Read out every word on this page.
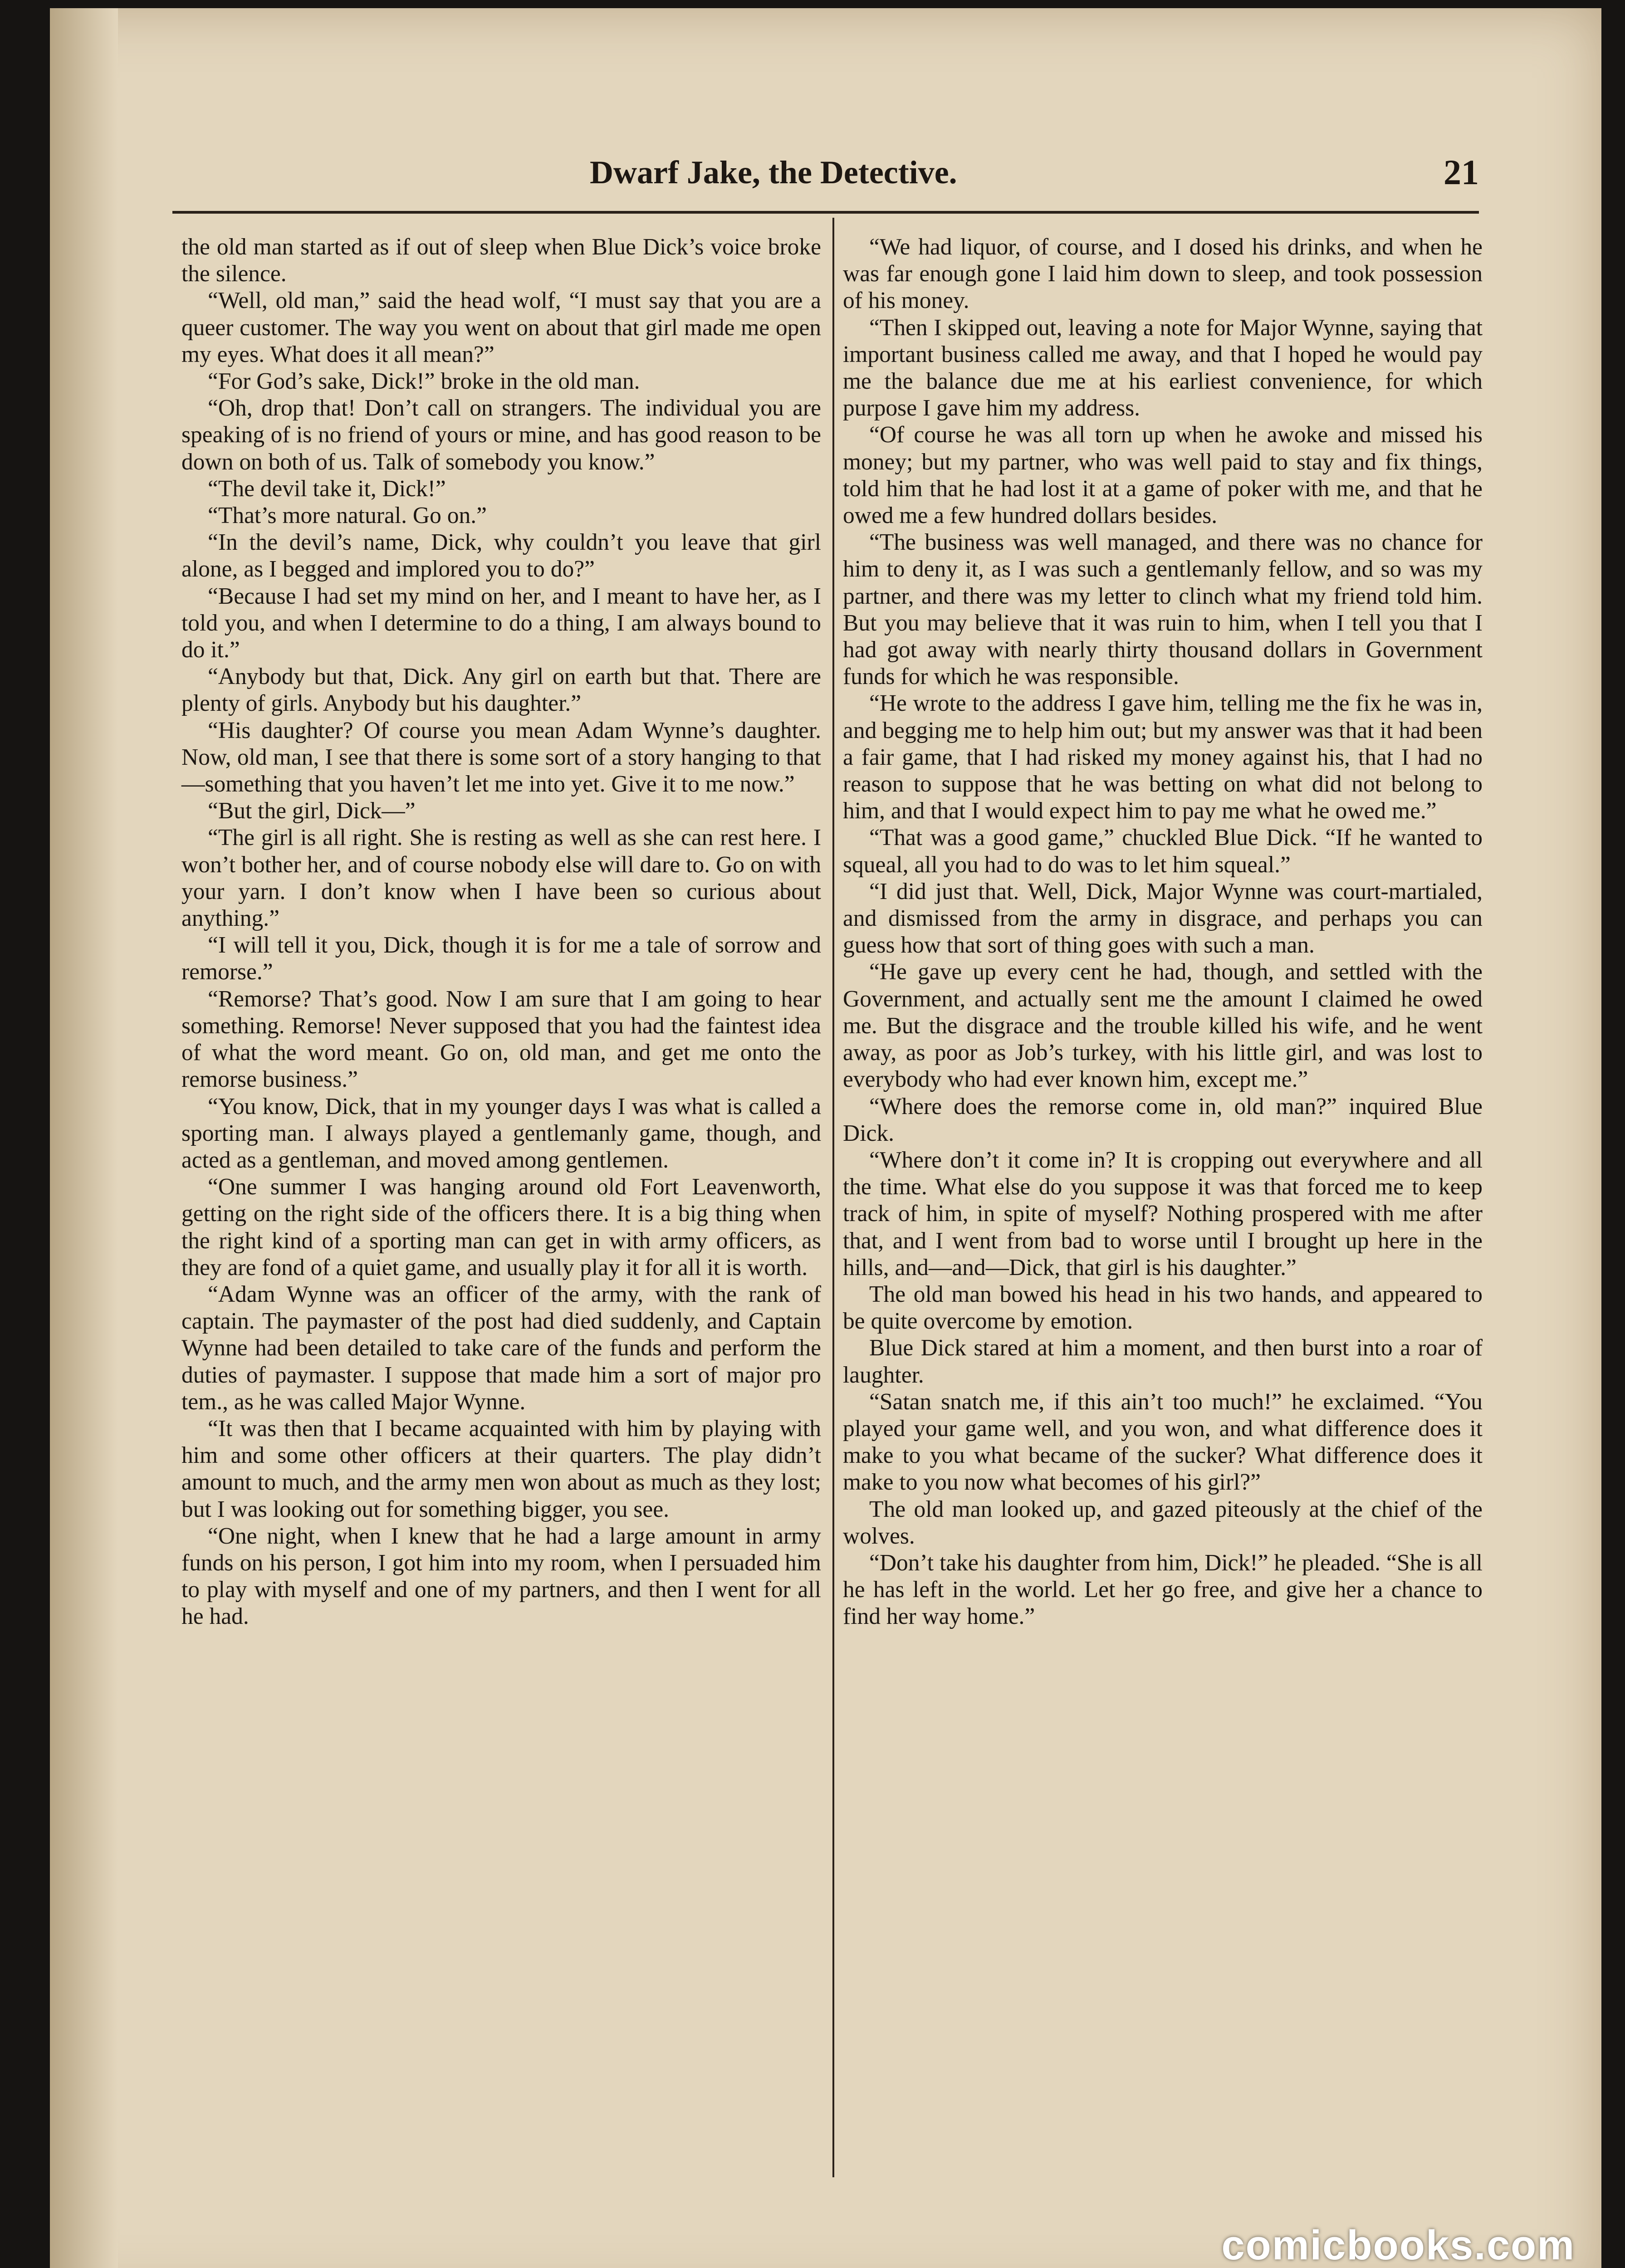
Dwarf Jake, the Detective.	21

the old man started as if out of sleep when Blue Dick’s voice broke the silence.

“Well, old man,” said the head wolf, “I must say that you are a queer customer. The way you went on about that girl made me open my eyes. What does it all mean?”

“For God’s sake, Dick!” broke in the old man.

“Oh, drop that! Don’t call on strangers. The individual you are speaking of is no friend of yours or mine, and has good reason to be down on both of us. Talk of somebody you know.”

“The devil take it, Dick!”

“That’s more natural. Go on.”

“In the devil’s name, Dick, why couldn’t you leave that girl alone, as I begged and implored you to do?”

“Because I had set my mind on her, and I meant to have her, as I told you, and when I determine to do a thing, I am always bound to do it.”

“Anybody but that, Dick. Any girl on earth but that. There are plenty of girls. Anybody but his daughter.”

“His daughter? Of course you mean Adam Wynne’s daughter. Now, old man, I see that there is some sort of a story hanging to that—something that you haven’t let me into yet. Give it to me now.”

“But the girl, Dick—”

“The girl is all right. She is resting as well as she can rest here. I won’t bother her, and of course nobody else will dare to. Go on with your yarn. I don’t know when I have been so curious about anything.”

“I will tell it you, Dick, though it is for me a tale of sorrow and remorse.”

“Remorse? That’s good. Now I am sure that I am going to hear something. Remorse! Never supposed that you had the faintest idea of what the word meant. Go on, old man, and get me onto the remorse business.”

“You know, Dick, that in my younger days I was what is called a sporting man. I always played a gentlemanly game, though, and acted as a gentleman, and moved among gentlemen.

“One summer I was hanging around old Fort Leavenworth, getting on the right side of the officers there. It is a big thing when the right kind of a sporting man can get in with army officers, as they are fond of a quiet game, and usually play it for all it is worth.

“Adam Wynne was an officer of the army, with the rank of captain. The paymaster of the post had died suddenly, and Captain Wynne had been detailed to take care of the funds and perform the duties of paymaster. I suppose that made him a sort of major pro tem., as he was called Major Wynne.

“It was then that I became acquainted with him by playing with him and some other officers at their quarters. The play didn’t amount to much, and the army men won about as much as they lost; but I was looking out for something bigger, you see.

“One night, when I knew that he had a large amount in army funds on his person, I got him into my room, when I persuaded him to play with myself and one of my partners, and then I went for all he had.

“We had liquor, of course, and I dosed his drinks, and when he was far enough gone I laid him down to sleep, and took possession of his money.

“Then I skipped out, leaving a note for Major Wynne, saying that important business called me away, and that I hoped he would pay me the balance due me at his earliest convenience, for which purpose I gave him my address.

“Of course he was all torn up when he awoke and missed his money; but my partner, who was well paid to stay and fix things, told him that he had lost it at a game of poker with me, and that he owed me a few hundred dollars besides.

“The business was well managed, and there was no chance for him to deny it, as I was such a gentlemanly fellow, and so was my partner, and there was my letter to clinch what my friend told him. But you may believe that it was ruin to him, when I tell you that I had got away with nearly thirty thousand dollars in Government funds for which he was responsible.

“He wrote to the address I gave him, telling me the fix he was in, and begging me to help him out; but my answer was that it had been a fair game, that I had risked my money against his, that I had no reason to suppose that he was betting on what did not belong to him, and that I would expect him to pay me what he owed me.”

“That was a good game,” chuckled Blue Dick. “If he wanted to squeal, all you had to do was to let him squeal.”

“I did just that. Well, Dick, Major Wynne was court-martialed, and dismissed from the army in disgrace, and perhaps you can guess how that sort of thing goes with such a man.

“He gave up every cent he had, though, and settled with the Government, and actually sent me the amount I claimed he owed me. But the disgrace and the trouble killed his wife, and he went away, as poor as Job’s turkey, with his little girl, and was lost to everybody who had ever known him, except me.”

“Where does the remorse come in, old man?” inquired Blue Dick.

“Where don’t it come in? It is cropping out everywhere and all the time. What else do you suppose it was that forced me to keep track of him, in spite of myself? Nothing prospered with me after that, and I went from bad to worse until I brought up here in the hills, and—and—Dick, that girl is his daughter.”

The old man bowed his head in his two hands, and appeared to be quite overcome by emotion.

Blue Dick stared at him a moment, and then burst into a roar of laughter.

“Satan snatch me, if this ain’t too much!” he exclaimed. “You played your game well, and you won, and what difference does it make to you what became of the sucker? What difference does it make to you now what becomes of his girl?”

The old man looked up, and gazed piteously at the chief of the wolves.

“Don’t take his daughter from him, Dick!” he pleaded. “She is all he has left in the world. Let her go free, and give her a chance to find her way home.”

comicbooks.com
